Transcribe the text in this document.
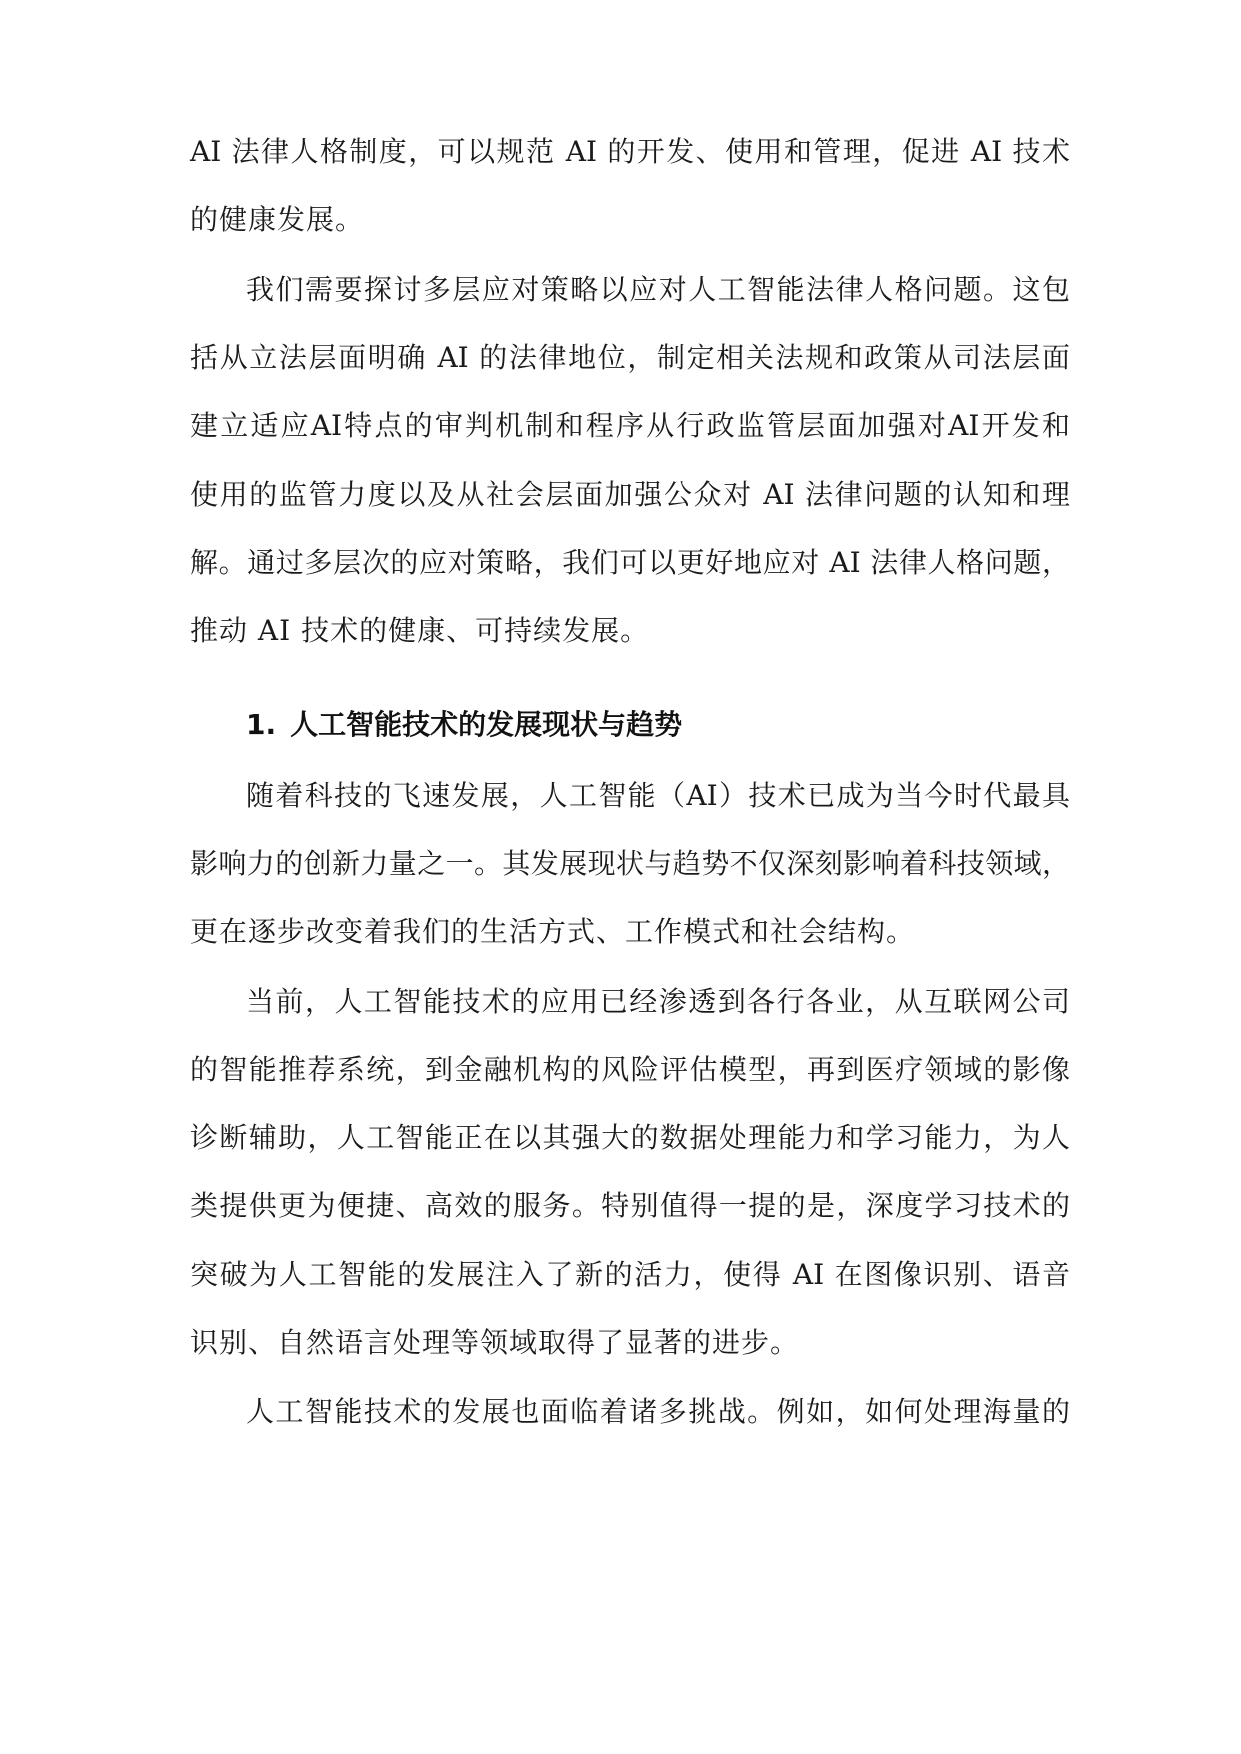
AI 法律人格制度，可以规范 AI 的开发、使用和管理，促进 AI 技术
的健康发展。
我们需要探讨多层应对策略以应对人工智能法律人格问题。这包
括从立法层面明确 AI 的法律地位，制定相关法规和政策从司法层面
建立适应AI特点的审判机制和程序从行政监管层面加强对AI开发和
使用的监管力度以及从社会层面加强公众对 AI 法律问题的认知和理
解。通过多层次的应对策略，我们可以更好地应对 AI 法律人格问题，
推动 AI 技术的健康、可持续发展。
1. 人工智能技术的发展现状与趋势
随着科技的飞速发展，人工智能（AI）技术已成为当今时代最具
影响力的创新力量之一。其发展现状与趋势不仅深刻影响着科技领域，
更在逐步改变着我们的生活方式、工作模式和社会结构。
当前，人工智能技术的应用已经渗透到各行各业，从互联网公司
的智能推荐系统，到金融机构的风险评估模型，再到医疗领域的影像
诊断辅助，人工智能正在以其强大的数据处理能力和学习能力，为人
类提供更为便捷、高效的服务。特别值得一提的是，深度学习技术的
突破为人工智能的发展注入了新的活力，使得 AI 在图像识别、语音
识别、自然语言处理等领域取得了显著的进步。
人工智能技术的发展也面临着诸多挑战。例如，如何处理海量的
